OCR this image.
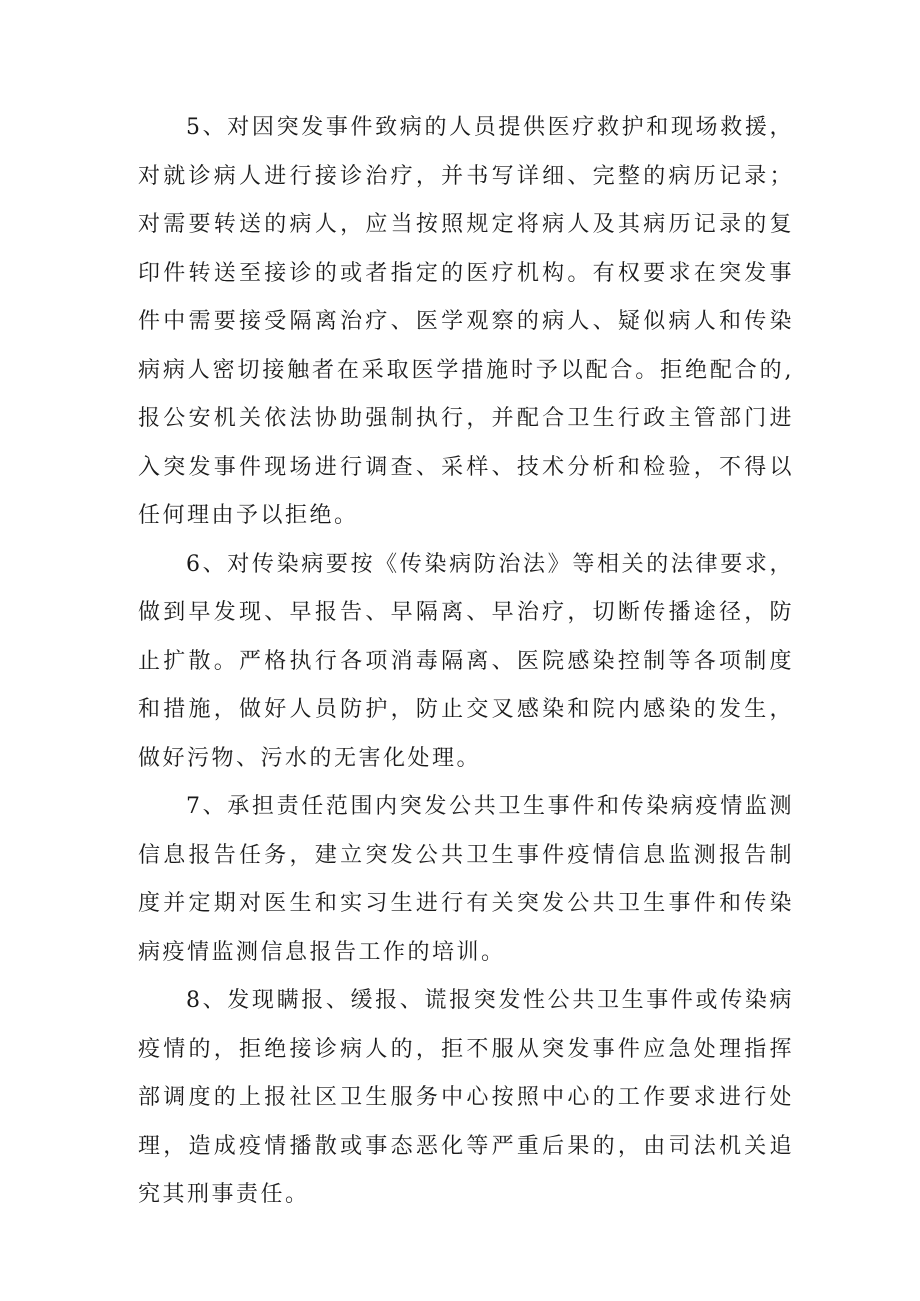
5、对因突发事件致病的人员提供医疗救护和现场救援，对就诊病人进行接诊治疗，并书写详细、完整的病历记录；对需要转送的病人，应当按照规定将病人及其病历记录的复印件转送至接诊的或者指定的医疗机构。有权要求在突发事件中需要接受隔离治疗、医学观察的病人、疑似病人和传染病病人密切接触者在采取医学措施时予以配合。拒绝配合的,报公安机关依法协助强制执行，并配合卫生行政主管部门进入突发事件现场进行调查、采样、技术分析和检验，不得以任何理由予以拒绝。

6、对传染病要按《传染病防治法》等相关的法律要求，做到早发现、早报告、早隔离、早治疗，切断传播途径，防止扩散。严格执行各项消毒隔离、医院感染控制等各项制度和措施，做好人员防护，防止交叉感染和院内感染的发生，做好污物、污水的无害化处理。

7、承担责任范围内突发公共卫生事件和传染病疫情监测信息报告任务，建立突发公共卫生事件疫情信息监测报告制度并定期对医生和实习生进行有关突发公共卫生事件和传染病疫情监测信息报告工作的培训。

8、发现瞒报、缓报、谎报突发性公共卫生事件或传染病疫情的，拒绝接诊病人的，拒不服从突发事件应急处理指挥部调度的上报社区卫生服务中心按照中心的工作要求进行处理，造成疫情播散或事态恶化等严重后果的，由司法机关追究其刑事责任。
